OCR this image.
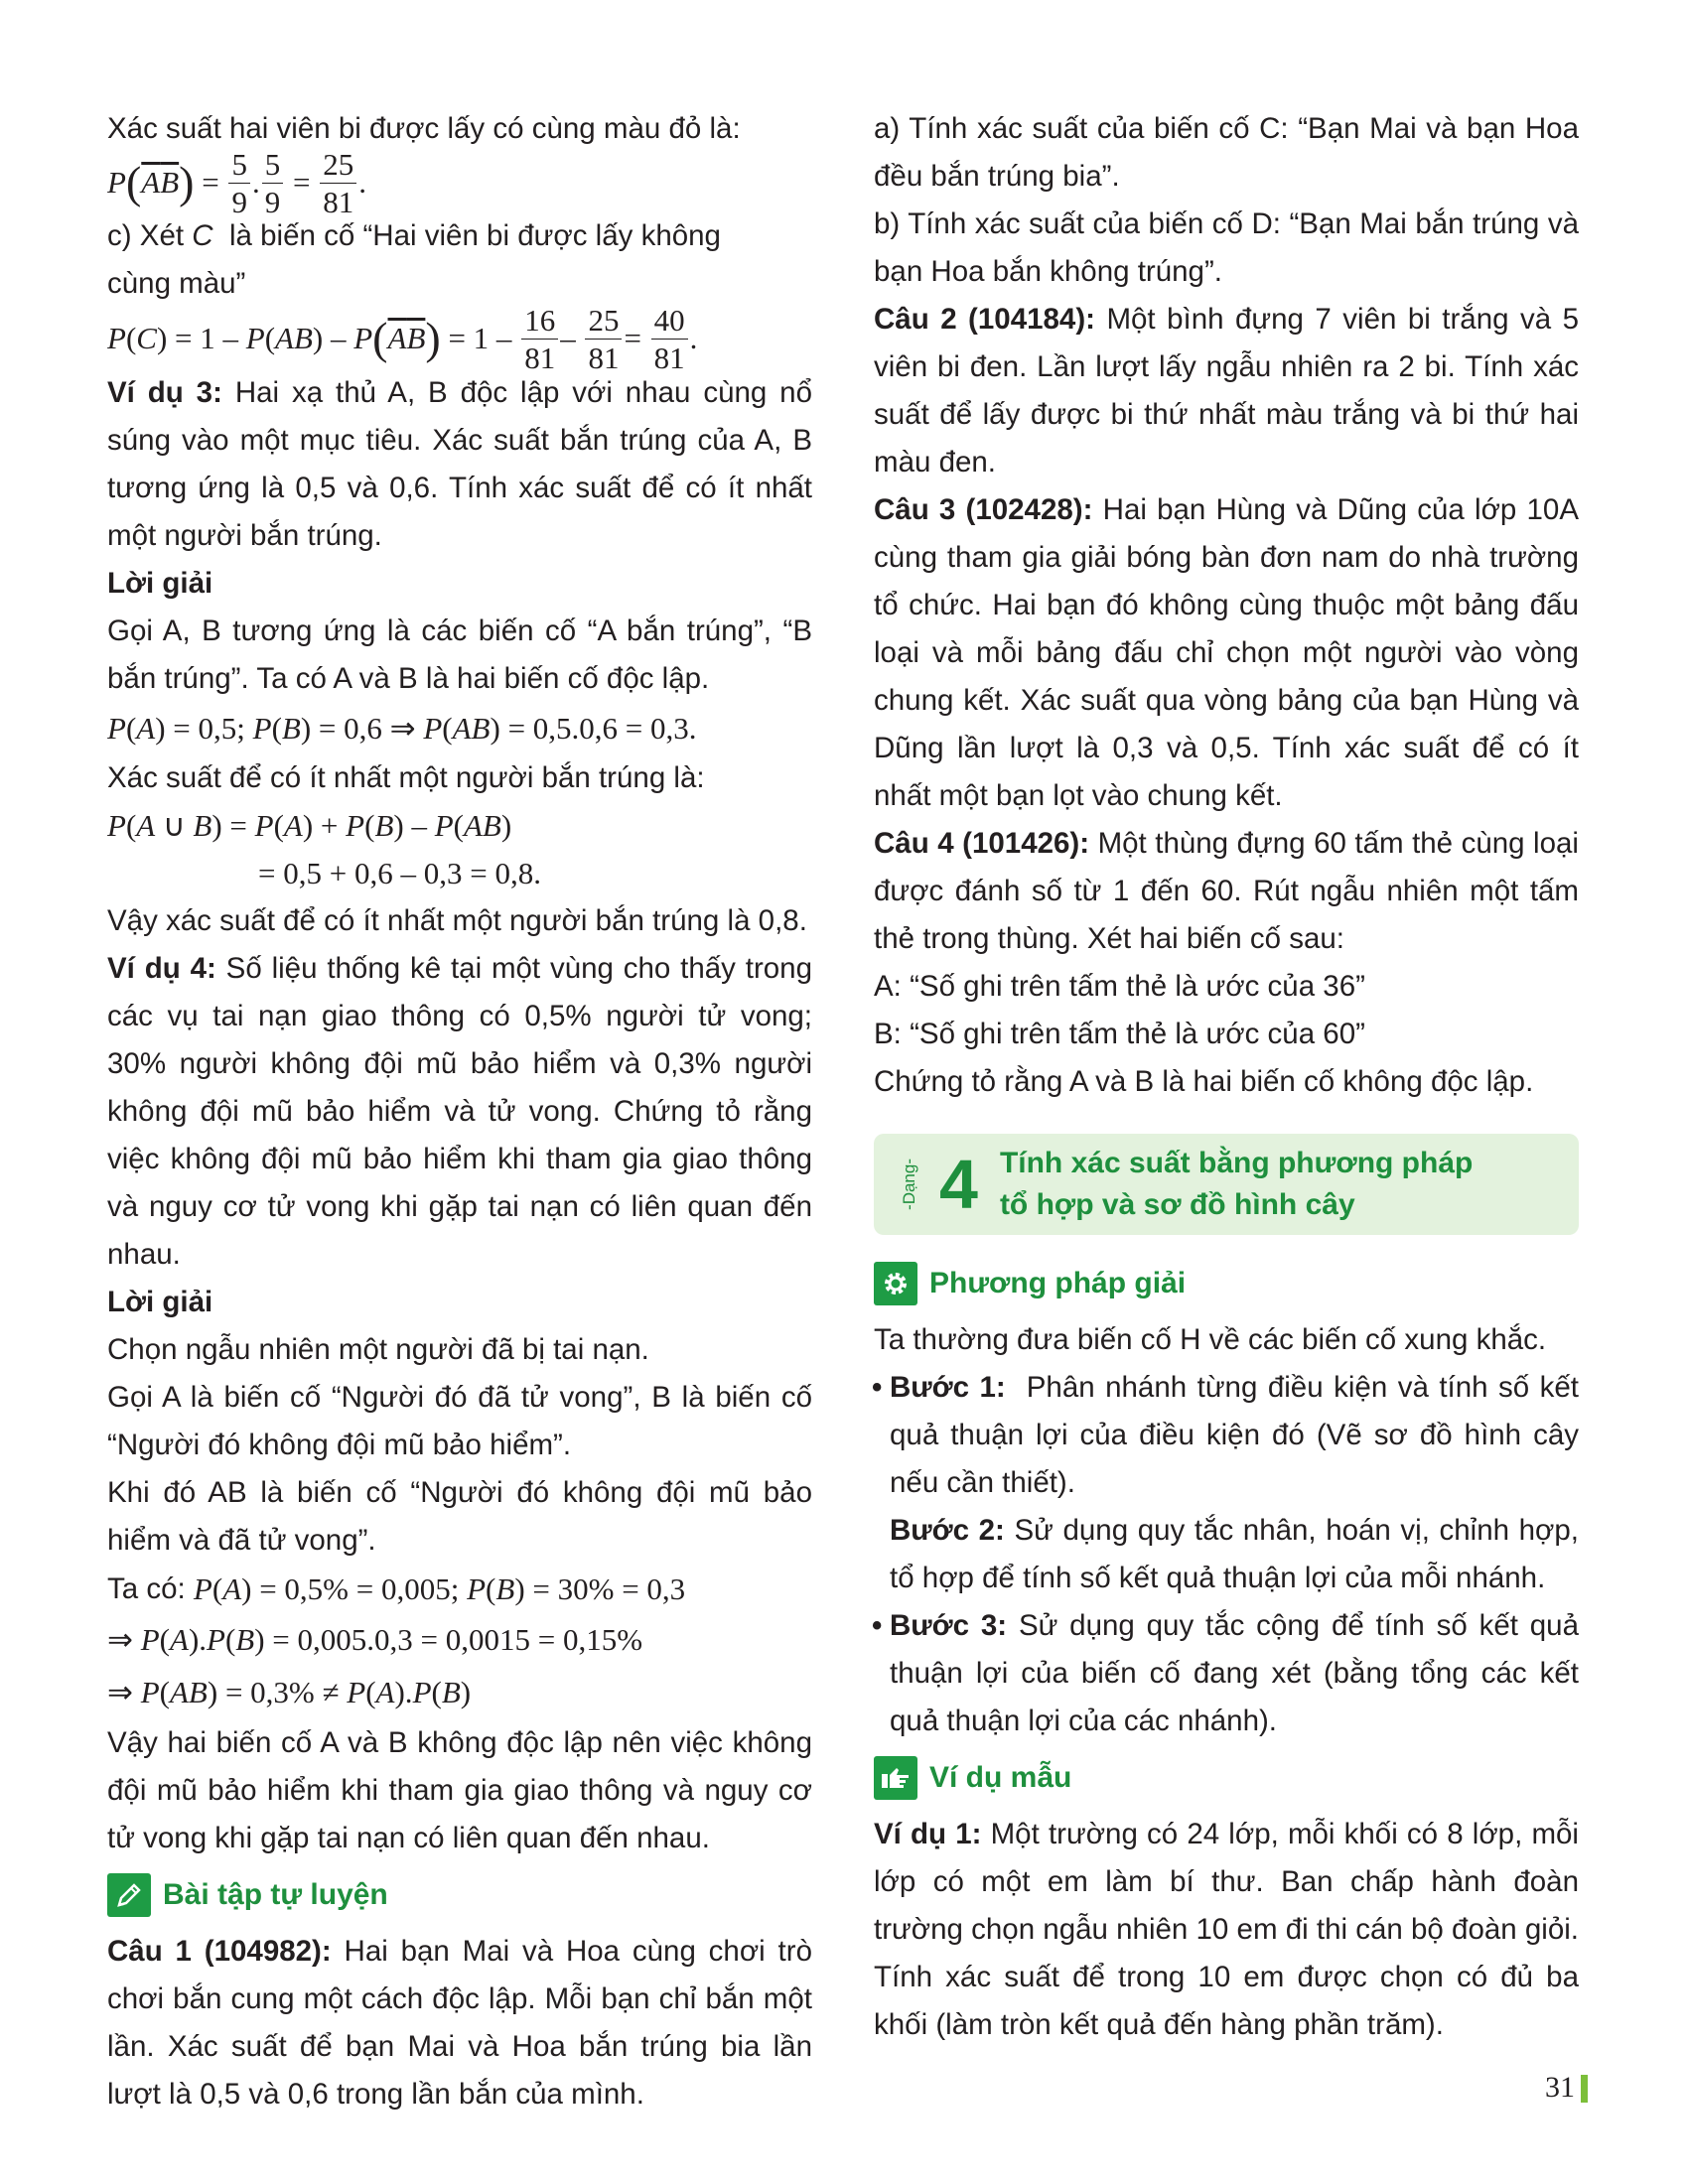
Xác suất hai viên bi được lấy có cùng màu đỏ là:

P ( $\overline{A}$ $\overline{B}$ ) = $\frac{5}{9}$ . $\frac{5}{9} = \frac{25}{81}$ .

c) Xét C là biến cố “Hai viên bi được lấy không

cùng màu”

P ( C ) = 1 – P ( AB ) – P ( $\overline{A}$ $\overline{B}$ ) = $1 - \frac{16}{81} - \frac{25}{81} = \frac{40}{81}$ .

Ví dụ 3: Hai xạ thủ A, B độc lập với nhau cùng nổ súng vào một mục tiêu. Xác suất bắn trúng của A, B tương ứng là 0,5 và 0,6. Tính xác suất để có ít nhất một người bắn trúng.

Lời giải

Gọi A, B tương ứng là các biến cố “A bắn trúng”, “B bắn trúng”. Ta có A và B là hai biến cố độc lập.

P ( A ) = 0,5; P ( B ) = 0,6 ⇒ P ( AB ) = 0,5.0,6 = 0,3.

Xác suất để có ít nhất một người bắn trúng là:

P ( A ∪ B ) = P ( A ) + P ( B ) – P ( AB )
= 0,5 + 0,6 – 0,3 = 0,8.

Vậy xác suất để có ít nhất một người bắn trúng là 0,8.

Ví dụ 4: Số liệu thống kê tại một vùng cho thấy trong các vụ tai nạn giao thông có 0,5% người tử vong; 30% người không đội mũ bảo hiểm và 0,3% người không đội mũ bảo hiểm và tử vong. Chứng tỏ rằng việc không đội mũ bảo hiểm khi tham gia giao thông và nguy cơ tử vong khi gặp tai nạn có liên quan đến nhau.

Lời giải

Chọn ngẫu nhiên một người đã bị tai nạn.

Gọi A là biến cố “Người đó đã tử vong”, B là biến cố “Người đó không đội mũ bảo hiểm”.

Khi đó AB là biến cố “Người đó không đội mũ bảo hiểm và đã tử vong”.

Ta có:
P(A) = 0,5% = 0,005; P(B) = 30% = 0,3
⇒ P ( A ). P ( B ) = 0,005.0,3 = 0,0015 = 0,15%
⇒ P ( AB ) = 0,3% ≠ P ( A ). P ( B )

Vậy hai biến cố A và B không độc lập nên việc không đội mũ bảo hiểm khi tham gia giao thông và nguy cơ tử vong khi gặp tai nạn có liên quan đến nhau.

Bài tập tự luyện

Câu 1 (104982): Hai bạn Mai và Hoa cùng chơi trò chơi bắn cung một cách độc lập. Mỗi bạn chỉ bắn một lần. Xác suất để bạn Mai và Hoa bắn trúng bia lần lượt là 0,5 và 0,6 trong lần bắn của mình.

a) Tính xác suất của biến cố C: “Bạn Mai và bạn Hoa đều bắn trúng bia”.

b) Tính xác suất của biến cố D: “Bạn Mai bắn trúng và bạn Hoa bắn không trúng”.

Câu 2 (104184): Một bình đựng 7 viên bi trắng và 5 viên bi đen. Lần lượt lấy ngẫu nhiên ra 2 bi. Tính xác suất để lấy được bi thứ nhất màu trắng và bi thứ hai màu đen.

Câu 3 (102428): Hai bạn Hùng và Dũng của lớp 10A cùng tham gia giải bóng bàn đơn nam do nhà trường tổ chức. Hai bạn đó không cùng thuộc một bảng đấu loại và mỗi bảng đấu chỉ chọn một người vào vòng chung kết. Xác suất qua vòng bảng của bạn Hùng và Dũng lần lượt là 0,3 và 0,5. Tính xác suất để có ít nhất một bạn lọt vào chung kết.

Câu 4 (101426): Một thùng đựng 60 tấm thẻ cùng loại được đánh số từ 1 đến 60. Rút ngẫu nhiên một tấm thẻ trong thùng. Xét hai biến cố sau:

A: “Số ghi trên tấm thẻ là ước của 36”

B: “Số ghi trên tấm thẻ là ước của 60”

Chứng tỏ rằng A và B là hai biến cố không độc lập.

-Dạng- 4 Tính xác suất bằng phương pháp
tổ hợp và sơ đồ hình cây
Phương pháp giải

Ta thường đưa biến cố H về các biến cố xung khắc.

• Bước 1: Phân nhánh từng điều kiện và tính số kết quả thuận lợi của điều kiện đó (Vẽ sơ đồ hình cây nếu cần thiết).

Bước 2: Sử dụng quy tắc nhân, hoán vị, chỉnh hợp, tổ hợp để tính số kết quả thuận lợi của mỗi nhánh.

• Bước 3: Sử dụng quy tắc cộng để tính số kết quả thuận lợi của biến cố đang xét (bằng tổng các kết quả thuận lợi của các nhánh).

Ví dụ mẫu

Ví dụ 1: Một trường có 24 lớp, mỗi khối có 8 lớp, mỗi lớp có một em làm bí thư. Ban chấp hành đoàn trường chọn ngẫu nhiên 10 em đi thi cán bộ đoàn giỏi. Tính xác suất để trong 10 em được chọn có đủ ba khối (làm tròn kết quả đến hàng phần trăm).

31
